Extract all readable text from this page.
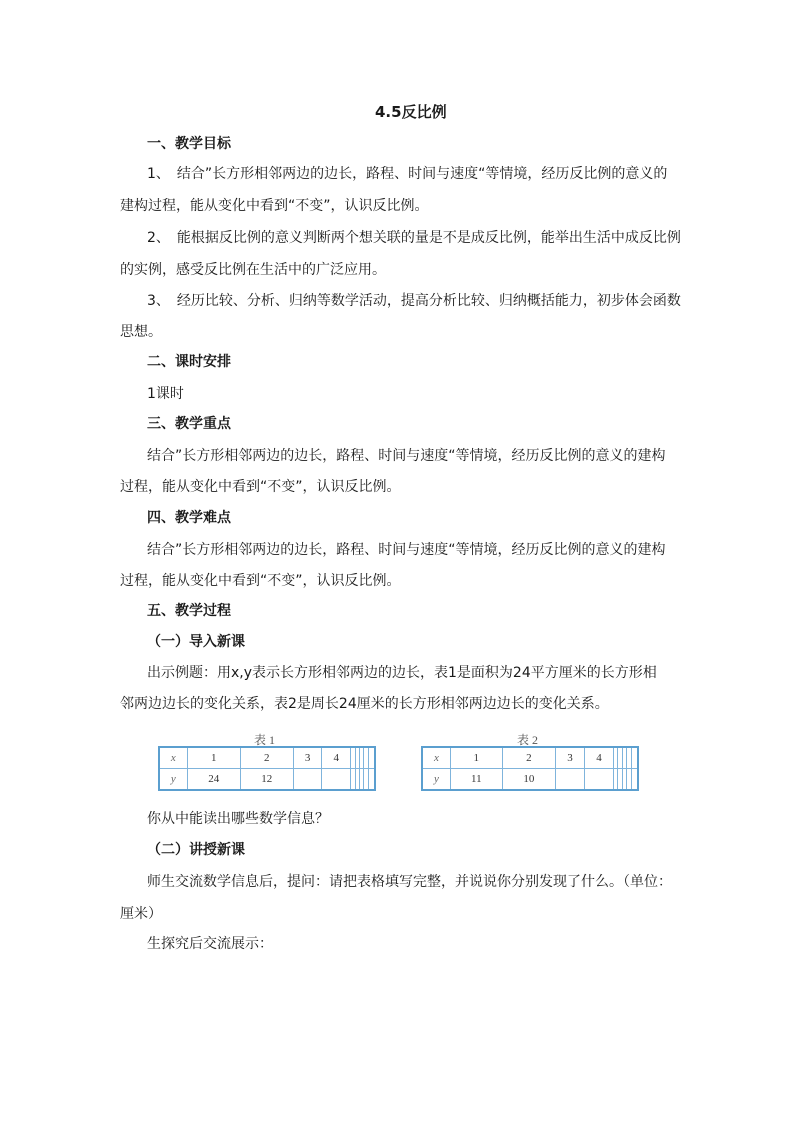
4.5反比例
一、教学目标
1、　结合”长方形相邻两边的边长，路程、时间与速度“等情境，经历反比例的意义的
建构过程，能从变化中看到“不变”，认识反比例。
2、　能根据反比例的意义判断两个想关联的量是不是成反比例，能举出生活中成反比例
的实例，感受反比例在生活中的广泛应用。
3、　经历比较、分析、归纳等数学活动，提高分析比较、归纳概括能力，初步体会函数
思想。
二、课时安排
1课时
三、教学重点
结合”长方形相邻两边的边长，路程、时间与速度“等情境，经历反比例的意义的建构
过程，能从变化中看到“不变”，认识反比例。
四、教学难点
结合”长方形相邻两边的边长，路程、时间与速度“等情境，经历反比例的意义的建构
过程，能从变化中看到“不变”，认识反比例。
五、教学过程
（一）导入新课
出示例题：用x,y表示长方形相邻两边的边长，表1是面积为24平方厘米的长方形相
邻两边边长的变化关系，表2是周长24厘米的长方形相邻两边边长的变化关系。
表 1
x	1	2	3	4					
y	24	12							
表 2
x	1	2	3	4					
y	11	10							
你从中能读出哪些数学信息？
（二）讲授新课
师生交流数学信息后，提问：请把表格填写完整，并说说你分别发现了什么。（单位：
厘米）
生探究后交流展示：
